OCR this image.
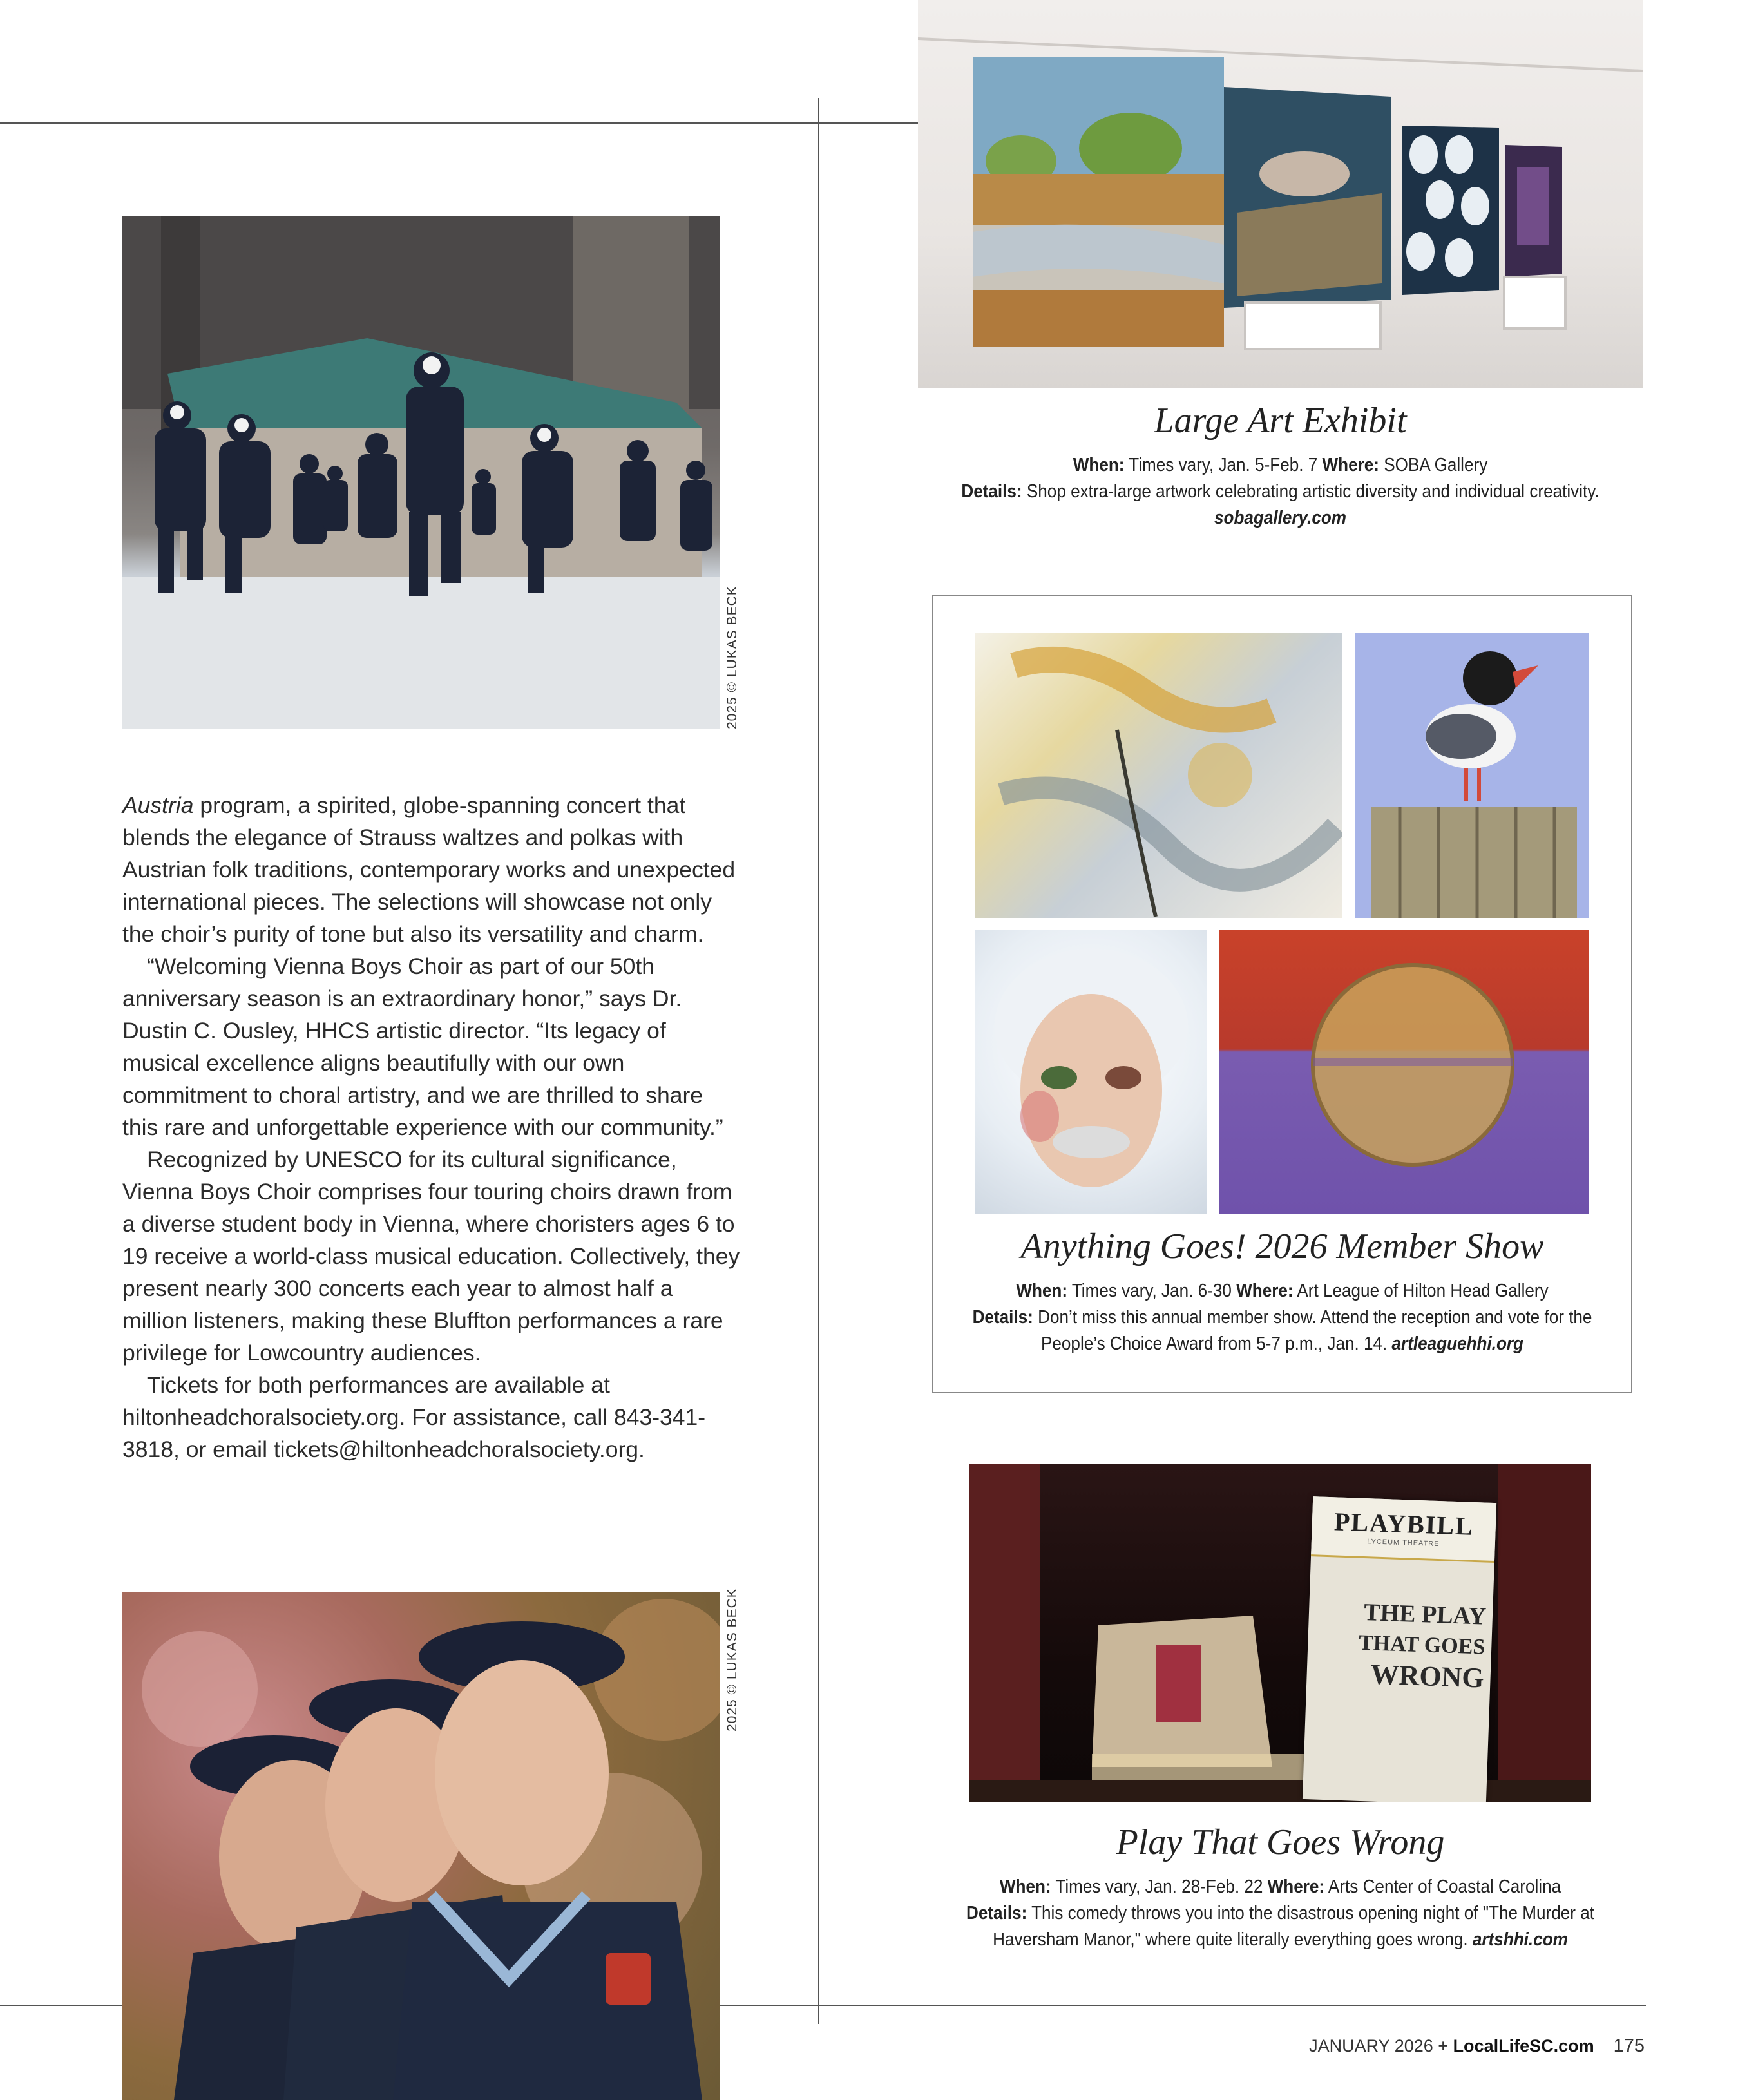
2025 © LUKAS BECK

Austria program, a spirited, globe-spanning concert that blends the elegance of Strauss waltzes and polkas with Austrian folk traditions, contemporary works and unexpected international pieces. The selections will showcase not only the choir’s purity of tone but also its versatility and charm.

“Welcoming Vienna Boys Choir as part of our 50th anniversary season is an extraordinary honor,” says Dr. Dustin C. Ousley, HHCS artistic director. “Its legacy of musical excellence aligns beautifully with our own commitment to choral artistry, and we are thrilled to share this rare and unforgettable experience with our community.”

Recognized by UNESCO for its cultural significance, Vienna Boys Choir comprises four touring choirs drawn from a diverse student body in Vienna, where choristers ages 6 to 19 receive a world-class musical education. Collectively, they present nearly 300 concerts each year to almost half a million listeners, making these Bluffton performances a rare privilege for Lowcountry audiences.

Tickets for both performances are available at hiltonheadchoralsociety.org. For assistance, call 843-341-3818, or email tickets@hiltonheadchoralsociety.org.

2025 © LUKAS BECK
Large Art Exhibit
When: Times vary, Jan. 5-Feb. 7 Where: SOBA Gallery
Details: Shop extra-large artwork celebrating artistic diversity and individual creativity. sobagallery.com
Anything Goes! 2026 Member Show
When: Times vary, Jan. 6-30 Where: Art League of Hilton Head Gallery
Details: Don’t miss this annual member show. Attend the reception and vote for the People’s Choice Award from 5-7 p.m., Jan. 14. artleaguehhi.org
PLAYBILL
LYCEUM THEATRE
THE PLAY
THAT GOES
WRONG
Play That Goes Wrong
When: Times vary, Jan. 28-Feb. 22 Where: Arts Center of Coastal Carolina
Details: This comedy throws you into the disastrous opening night of "The Murder at Haversham Manor," where quite literally everything goes wrong. artshhi.com
JANUARY 2026 + LocalLifeSC.com 175
